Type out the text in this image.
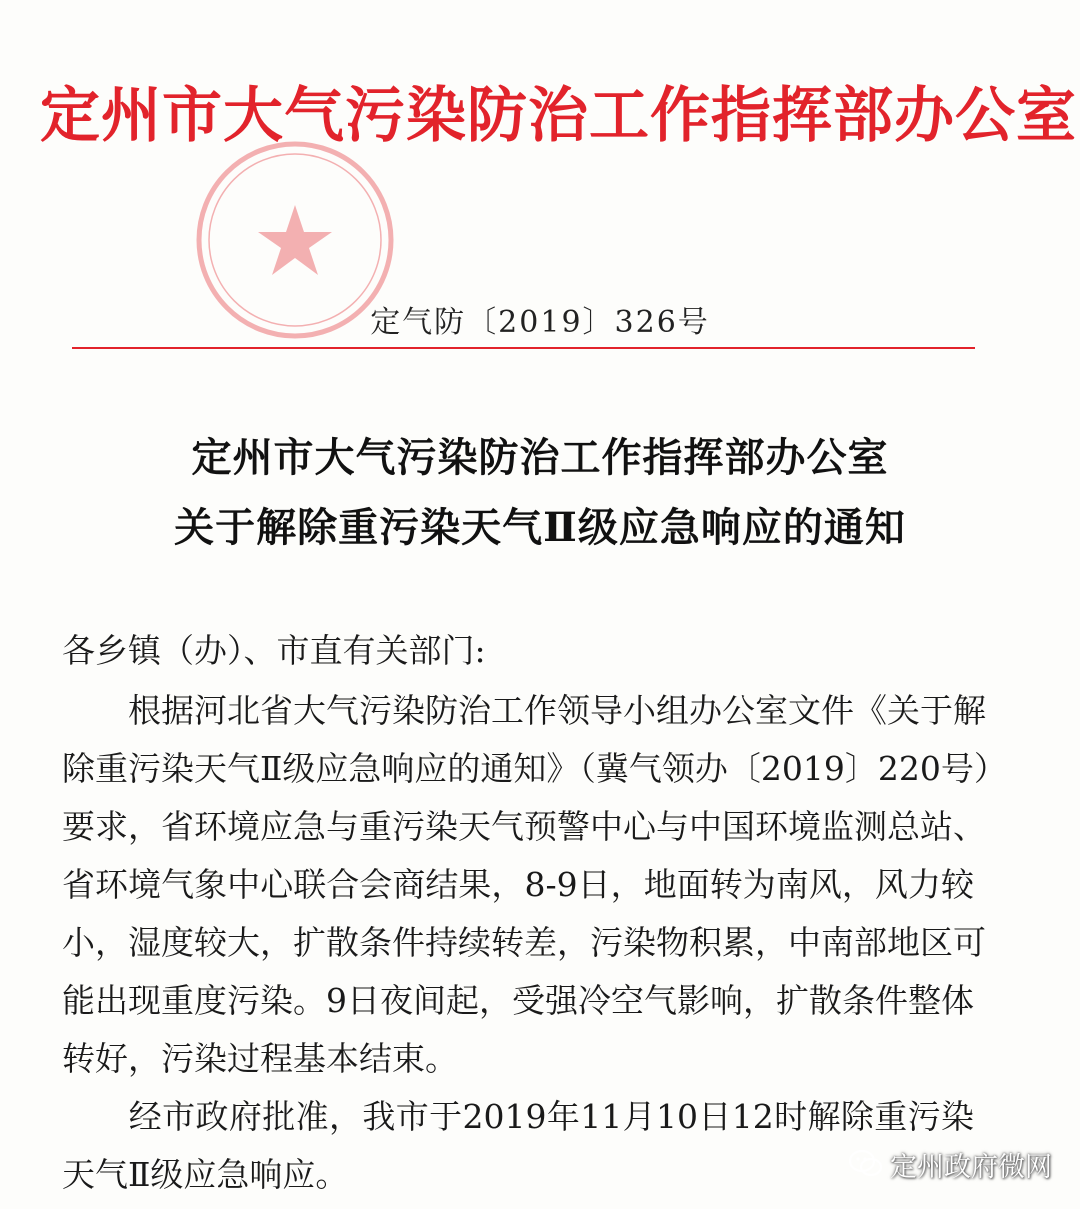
定州市大气污染防治工作指挥部办公室
定气防〔2019〕326号
定州市大气污染防治工作指挥部办公室
关于解除重污染天气Ⅱ级应急响应的通知
各乡镇（办）、市直有关部门:
　　根据河北省大气污染防治工作领导小组办公室文件《关于解
除重污染天气Ⅱ级应急响应的通知》（冀气领办〔2019〕220号）
要求，省环境应急与重污染天气预警中心与中国环境监测总站、
省环境气象中心联合会商结果，8-9日，地面转为南风，风力较
小，湿度较大，扩散条件持续转差，污染物积累，中南部地区可
能出现重度污染。9日夜间起，受强冷空气影响，扩散条件整体
转好，污染过程基本结束。
　　经市政府批准，我市于2019年11月10日12时解除重污染
天气Ⅱ级应急响应。	定州政府微网
